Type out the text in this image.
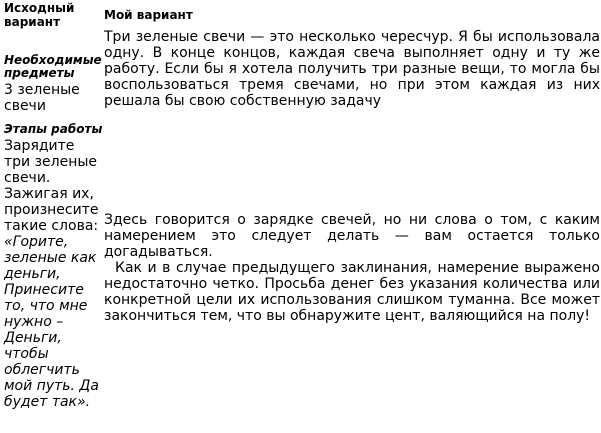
Исходный вариант

Необходимые предметы

3 зеленые свечи

Этапы работы

Зарядите три зеленые свечи.

Зажигая их, произнесите такие слова:

«Горите, зеленые как деньги, Принесите то, что мне нужно – Деньги, чтобы облегчить мой путь. Да будет так».

Мой вариант

Три зеленые свечи — это несколько чересчур. Я бы использовала одну. В конце концов, каждая свеча выполняет одну и ту же работу. Если бы я хотела получить три разные вещи, то могла бы воспользоваться тремя свечами, но при этом каждая из них решала бы свою собственную задачу

Здесь говорится о зарядке свечей, но ни слова о том, с каким намерением это следует делать — вам остается только догадываться.

Как и в случае предыдущего заклинания, намерение выражено недостаточно четко. Просьба денег без указания количества или конкретной цели их использования слишком туманна. Все может закончиться тем, что вы обнаружите цент, валяющийся на полу!
